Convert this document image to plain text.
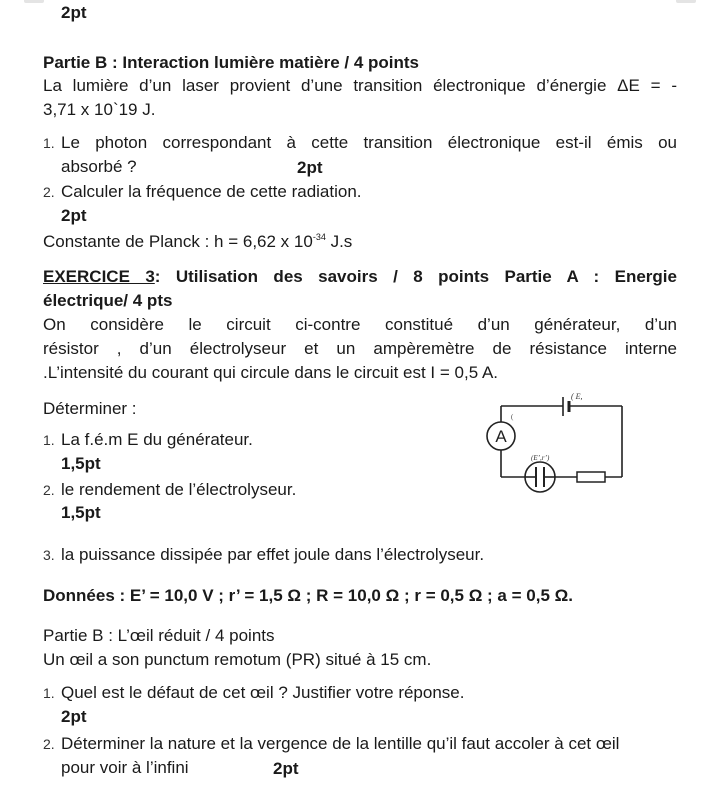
2pt
Partie B : Interaction lumière matière / 4 points
La lumière d’un laser provient d’une transition électronique d’énergie ΔE = -
3,71 x 10`19 J.
1. Le photon correspondant à cette transition électronique est-il émis ou
absorbé ?	2pt
2. Calculer la fréquence de cette radiation.
2pt
Constante de Planck : h = 6,62 x $10^{-34}$ J.s
EXERCICE 3: Utilisation des savoirs / 8 points Partie A : Energie
électrique/ 4 pts
On considère le circuit ci-contre constitué d’un générateur, d’un
résistor , d’un électrolyseur et un ampèremètre de résistance interne
.L’intensité du courant qui circule dans le circuit est I = 0,5 A.
Déterminer :
1. La f.é.m E du générateur.
1,5pt
2. le rendement de l’électrolyseur.
1,5pt
3. la puissance dissipée par effet joule dans l’électrolyseur.
Données : E’ = 10,0 V ; r’ = 1,5 Ω ; R = 10,0 Ω ; r = 0,5 Ω ; a = 0,5 Ω.
A
(
( E,
(E’,r’)
Partie B : L’œil réduit / 4 points
Un œil a son punctum remotum (PR) situé à 15 cm.
1. Quel est le défaut de cet œil ? Justifier votre réponse.
2pt
2. Déterminer la nature et la vergence de la lentille qu’il faut accoler à cet œil
pour voir à l’infini	2pt
